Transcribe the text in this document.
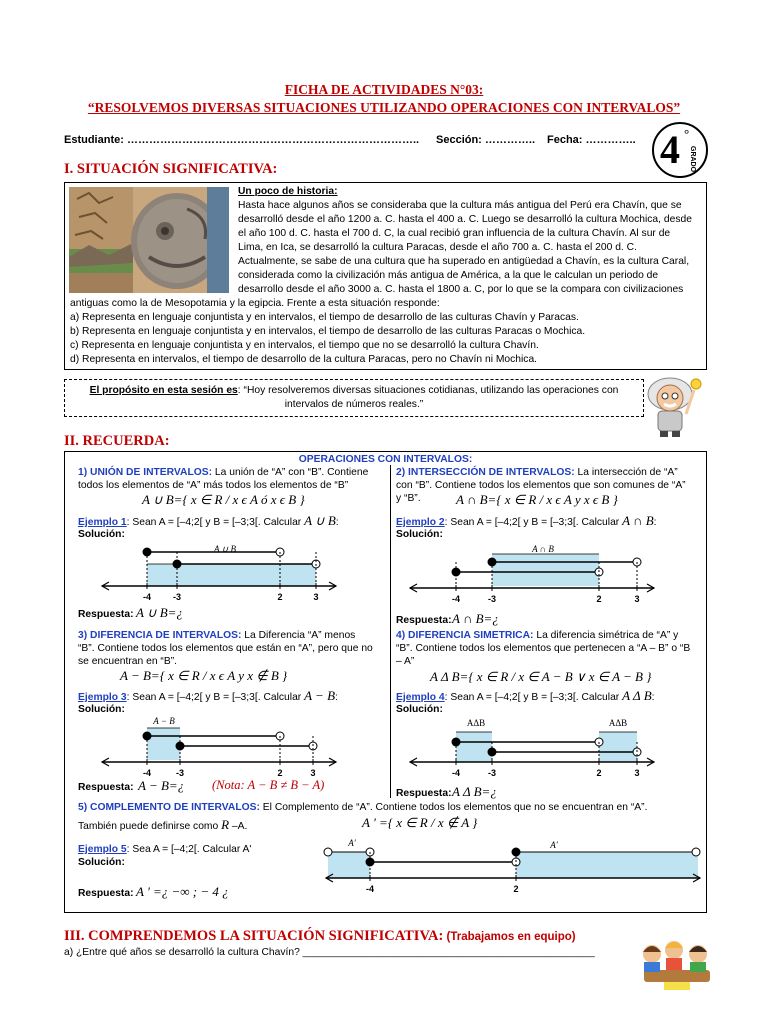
FICHA DE ACTIVIDADES N°03:
“RESOLVEMOS DIVERSAS SITUACIONES UTILIZANDO OPERACIONES CON INTERVALOS”
Estudiante: …………………………………………………………………….. Sección: ………….. Fecha: ………….. 4 °
GRADO
I. SITUACIÓN SIGNIFICATIVA:
Un poco de historia:
Hasta hace algunos años se consideraba que la cultura más antigua del Perú era Chavín, que se
desarrolló desde el año 1200 a. C. hasta el 400 a. C. Luego se desarrolló la cultura Mochica, desde
el año 100 d. C. hasta el 700 d. C, la cual recibió gran influencia de la cultura Chavín. Al sur de
Lima, en Ica, se desarrolló la cultura Paracas, desde el año 700 a. C. hasta el 200 d. C.
Actualmente, se sabe de una cultura que ha superado en antigüedad a Chavín, es la cultura Caral,
considerada como la civilización más antigua de América, a la que le calculan un periodo de
desarrollo desde el año 3000 a. C. hasta el 1800 a. C, por lo que se la compara con civilizaciones
antiguas como la de Mesopotamia y la egipcia. Frente a esta situación responde:
a) Representa en lenguaje conjuntista y en intervalos, el tiempo de desarrollo de las culturas Chavín y Paracas.
b) Representa en lenguaje conjuntista y en intervalos, el tiempo de desarrollo de las culturas Paracas o Mochica.
c) Representa en lenguaje conjuntista y en intervalos, el tiempo que no se desarrolló la cultura Chavín.
d) Representa en intervalos, el tiempo de desarrollo de la cultura Paracas, pero no Chavín ni Mochica.
El propósito en esta sesión es: “Hoy resolveremos diversas situaciones cotidianas, utilizando las operaciones con
intervalos de números reales.”
II. RECUERDA:
OPERACIONES CON INTERVALOS:
1) UNIÓN DE INTERVALOS: La unión de “A” con “B”. Contiene
todos los elementos de “A” más todos los elementos de “B”
A ∪ B={ x ∈ R / x ϵ A ó x ϵ B }
Ejemplo 1: Sean A = [–4;2[ y B = [–3;3[. Calcular A ∪ B:
Solución:
A ∪ B
-4 -3	2	3
Respuesta: A ∪ B=¿
2) INTERSECCIÓN DE INTERVALOS: La intersección de “A”
con “B”. Contiene todos los elementos que son comunes de “A”
y “B”.	A ∩ B={ x ∈ R / x ϵ A y x ϵ B }
Ejemplo 2: Sean A = [–4;2[ y B = [–3;3[. Calcular A ∩ B:
Solución:
A ∩ B
-4	-3	2	3
Respuesta: A ∩ B=¿
3) DIFERENCIA DE INTERVALOS: La Diferencia “A” menos
“B”. Contiene todos los elementos que están en “A”, pero que no
se encuentran en “B”.
A − B={ x ∈ R / x ϵ A y x ∉ B }
Ejemplo 3: Sean A = [–4;2[ y B = [–3;3[. Calcular A − B:
Solución:
A − B
-4	-3	2	3
Respuesta: A − B=¿ (Nota: A − B ≠ B − A)
4) DIFERENCIA SIMETRICA: La diferencia simétrica de “A” y
“B”. Contiene todos los elementos que pertenecen a “A – B” o “B
– A”
A Δ B={ x ∈ R / x ∈ A − B ∨ x ∈ A − B }
Ejemplo 4: Sean A = [–4;2[ y B = [–3;3[. Calcular A Δ B:
Solución:
AΔB	AΔB
-4	-3	2	3
Respuesta: A Δ B=¿
5) COMPLEMENTO DE INTERVALOS: El Complemento de “A”. Contiene todos los elementos que no se encuentran en “A”.
También puede definirse como R –A.	A ' ={ x ∈ R / x ∉ A }
Ejemplo 5: Sea A = [–4;2[. Calcular A'
Solución:
Respuesta: A ' =¿ −∞ ; − 4 ¿
A′	A′
-4	2
III. COMPRENDEMOS LA SITUACIÓN SIGNIFICATIVA: (Trabajamos en equipo)
a) ¿Entre qué años se desarrolló la cultura Chavín? ___________________________________________________
